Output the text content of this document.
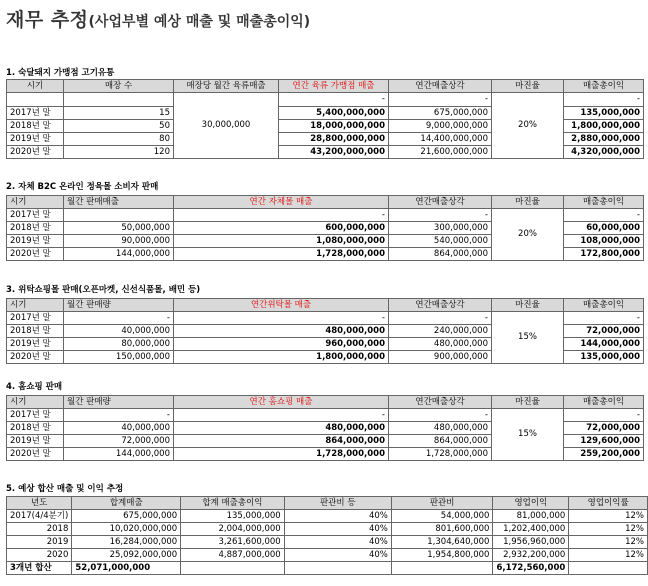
재무 추정(사업부별 예상 매출 및 매출총이익)
1. 숙달돼지 가맹점 고기유통
시기	매장 수	매장당 월간 육류매출	연간 육류 가맹점 매출	연간매출상각	마진율	매출총이익
		30,000,000	-	-	20%	-
2017년 말	15		5,400,000,000	675,000,000		135,000,000
2018년 말	50		18,000,000,000	9,000,000,000		1,800,000,000
2019년 말	80		28,800,000,000	14,400,000,000		2,880,000,000
2020년 말	120		43,200,000,000	21,600,000,000		4,320,000,000
2. 자체 B2C 온라인 정육몰 소비자 판매
시기	월간 판매매출	연간 자체몰 매출	연간매출상각	마진율	매출총이익
2017년 말		-	-	20%	-
2018년 말	50,000,000	600,000,000	300,000,000		60,000,000
2019년 말	90,000,000	1,080,000,000	540,000,000		108,000,000
2020년 말	144,000,000	1,728,000,000	864,000,000		172,800,000
3. 위탁쇼핑몰 판매(오픈마켓, 신선식품몰, 배민 등)
시기	월간 판매량	연간위탁몰 매출	연간매출상각	마진율	매출총이익
2017년 말	-	-	-	15%	-
2018년 말	40,000,000	480,000,000	240,000,000		72,000,000
2019년 말	80,000,000	960,000,000	480,000,000		144,000,000
2020년 말	150,000,000	1,800,000,000	900,000,000		135,000,000
4. 홈쇼핑 판매
시기	월간 판매량	연간 홈쇼핑 매출	연간매출상각	마진율	매출총이익
2017년 말	-	-	-	15%	-
2018년 말	40,000,000	480,000,000	480,000,000		72,000,000
2019년 말	72,000,000	864,000,000	864,000,000		129,600,000
2020년 말	144,000,000	1,728,000,000	1,728,000,000		259,200,000
5. 예상 합산 매출 및 이익 추정
년도	합계매출	합계 매출총이익	판관비 등	판관비	영업이익	영업이익률
2017(4/4분기)	675,000,000	135,000,000	40%	54,000,000	81,000,000	12%
2018	10,020,000,000	2,004,000,000	40%	801,600,000	1,202,400,000	12%
2019	16,284,000,000	3,261,600,000	40%	1,304,640,000	1,956,960,000	12%
2020	25,092,000,000	4,887,000,000	40%	1,954,800,000	2,932,200,000	12%
3개년 합산	52,071,000,000				6,172,560,000	
